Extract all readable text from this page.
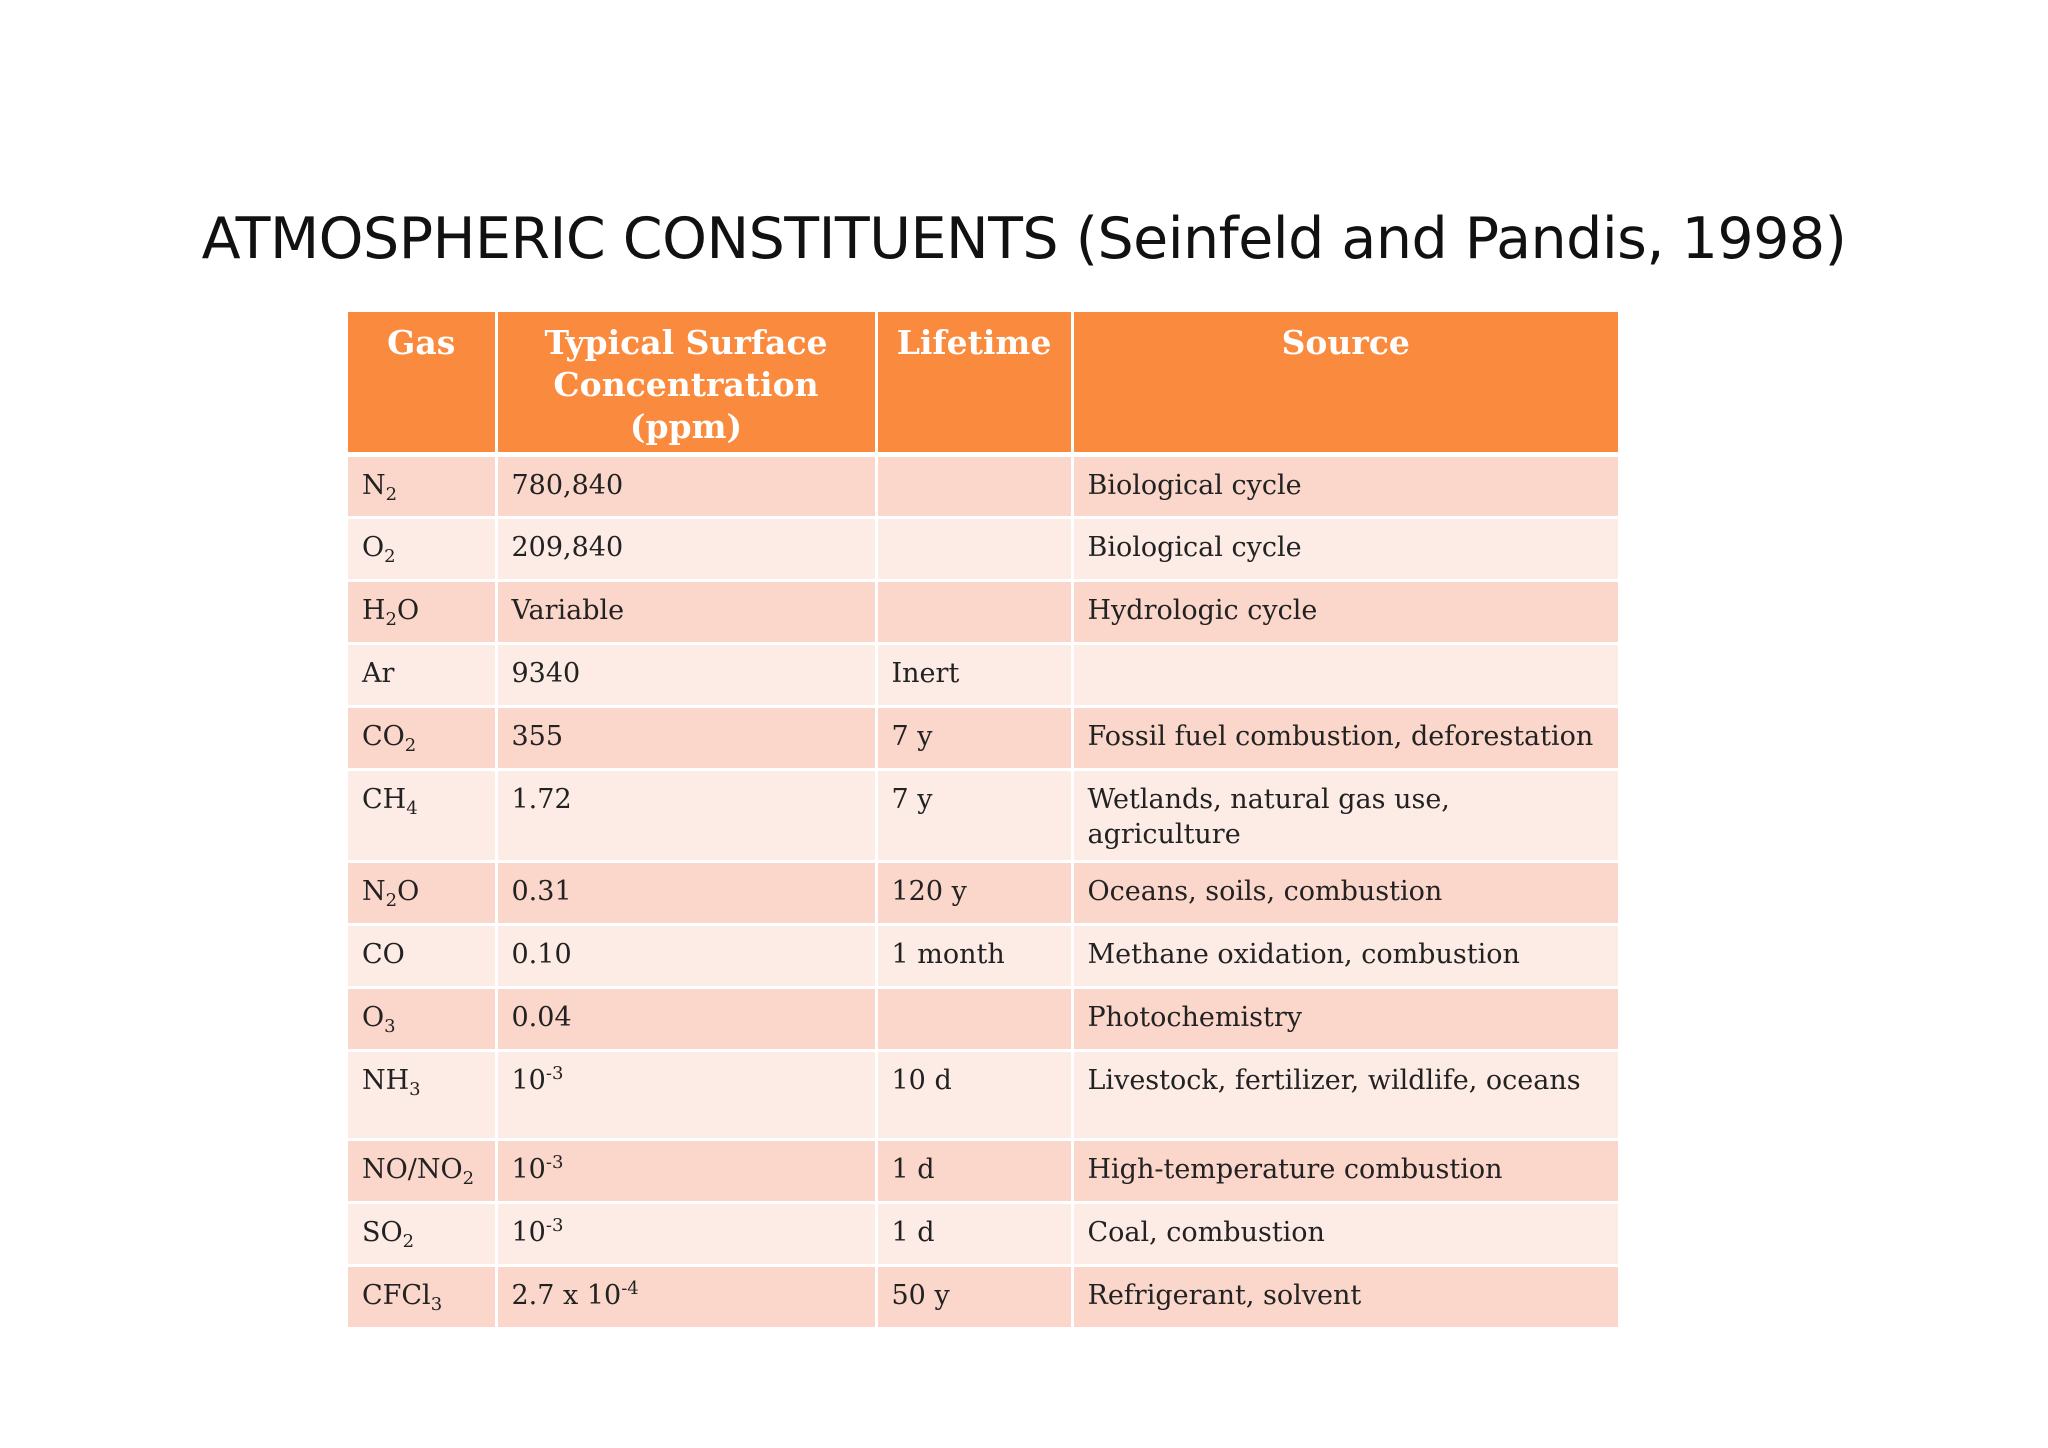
ATMOSPHERIC CONSTITUENTS (Seinfeld and Pandis, 1998)
Gas	Typical Surface Concentration (ppm)	Lifetime	Source
$N_2$	780,840		Biological cycle
$O_2$	209,840		Biological cycle
$H_2O$	Variable		Hydrologic cycle
Ar	9340	Inert	
$CO_2$	355	7 y	Fossil fuel combustion, deforestation
$CH_4$	1.72	7 y	Wetlands, natural gas use, agriculture
$N_2O$	0.31	120 y	Oceans, soils, combustion
CO	0.10	1 month	Methane oxidation, combustion
$O_3$	0.04		Photochemistry
$NH_3$	$10^{-3}$	10 d	Livestock, fertilizer, wildlife, oceans
$NO/NO_2$	$10^{-3}$	1 d	High-temperature combustion
$SO_2$	$10^{-3}$	1 d	Coal, combustion
CFCl$_3$	2.7 x $10^{-4}$	50 y	Refrigerant, solvent
